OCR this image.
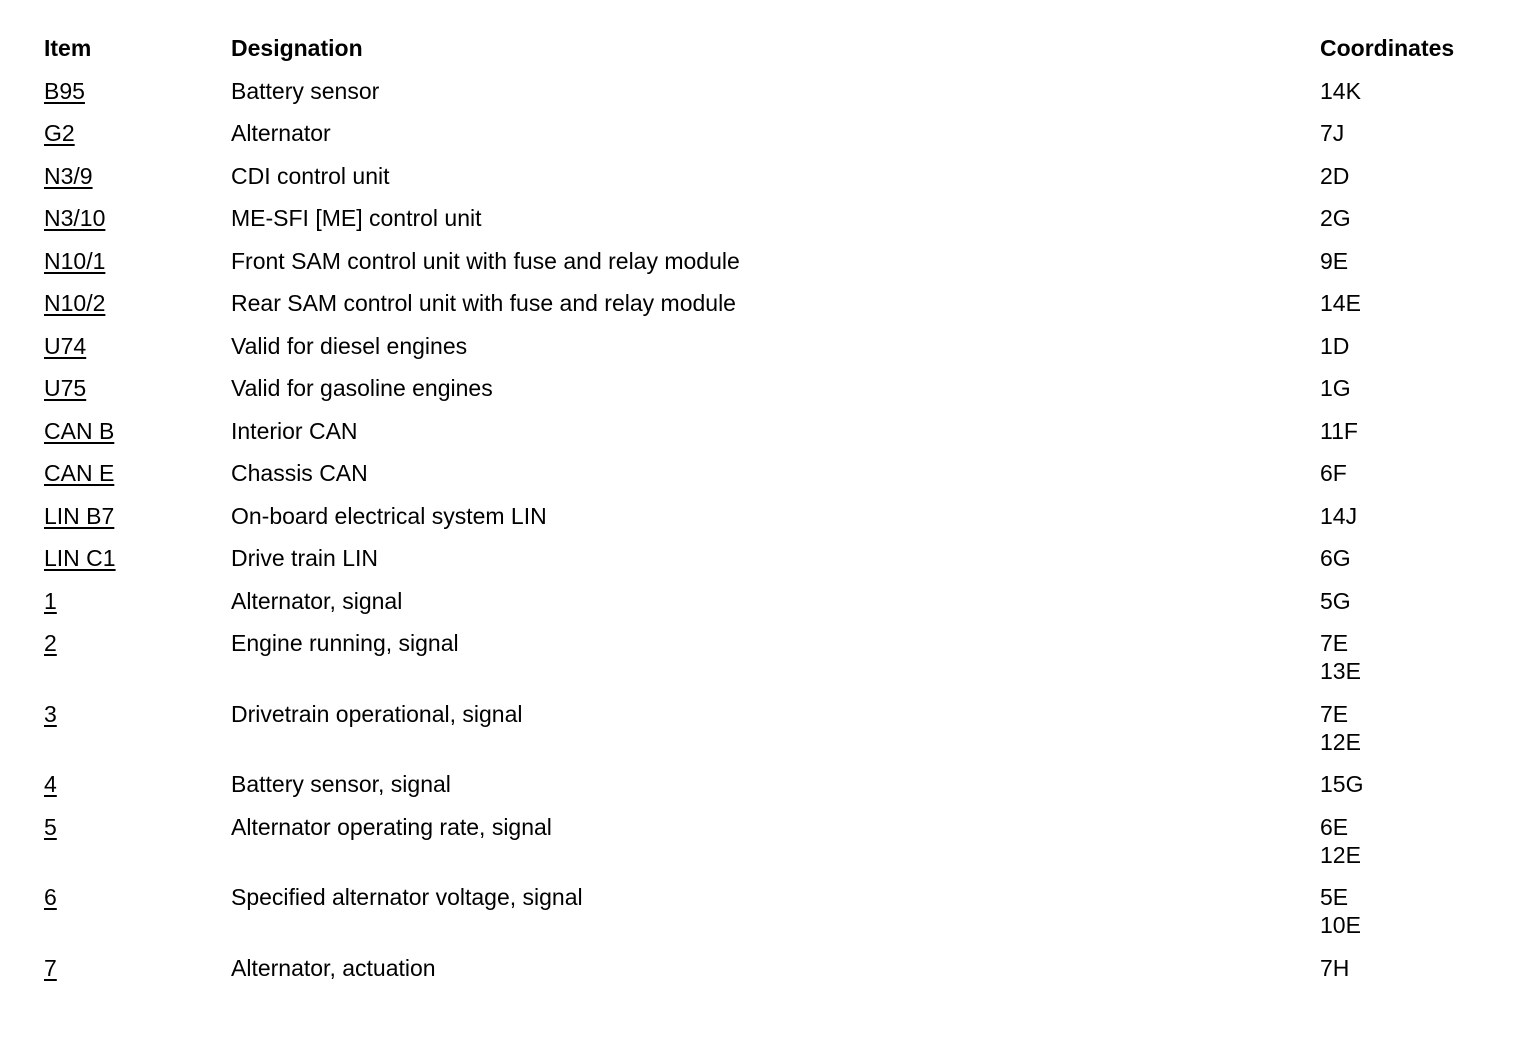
Item	Designation	Coordinates
B95	Battery sensor	14K
G2	Alternator	7J
N3/9	CDI control unit	2D
N3/10	ME-SFI [ME] control unit	2G
N10/1	Front SAM control unit with fuse and relay module	9E
N10/2	Rear SAM control unit with fuse and relay module	14E
U74	Valid for diesel engines	1D
U75	Valid for gasoline engines	1G
CAN B	Interior CAN	11F
CAN E	Chassis CAN	6F
LIN B7	On-board electrical system LIN	14J
LIN C1	Drive train LIN	6G
1	Alternator, signal	5G
2	Engine running, signal	7E
13E
3	Drivetrain operational, signal	7E
12E
4	Battery sensor, signal	15G
5	Alternator operating rate, signal	6E
12E
6	Specified alternator voltage, signal	5E
10E
7	Alternator, actuation	7H
